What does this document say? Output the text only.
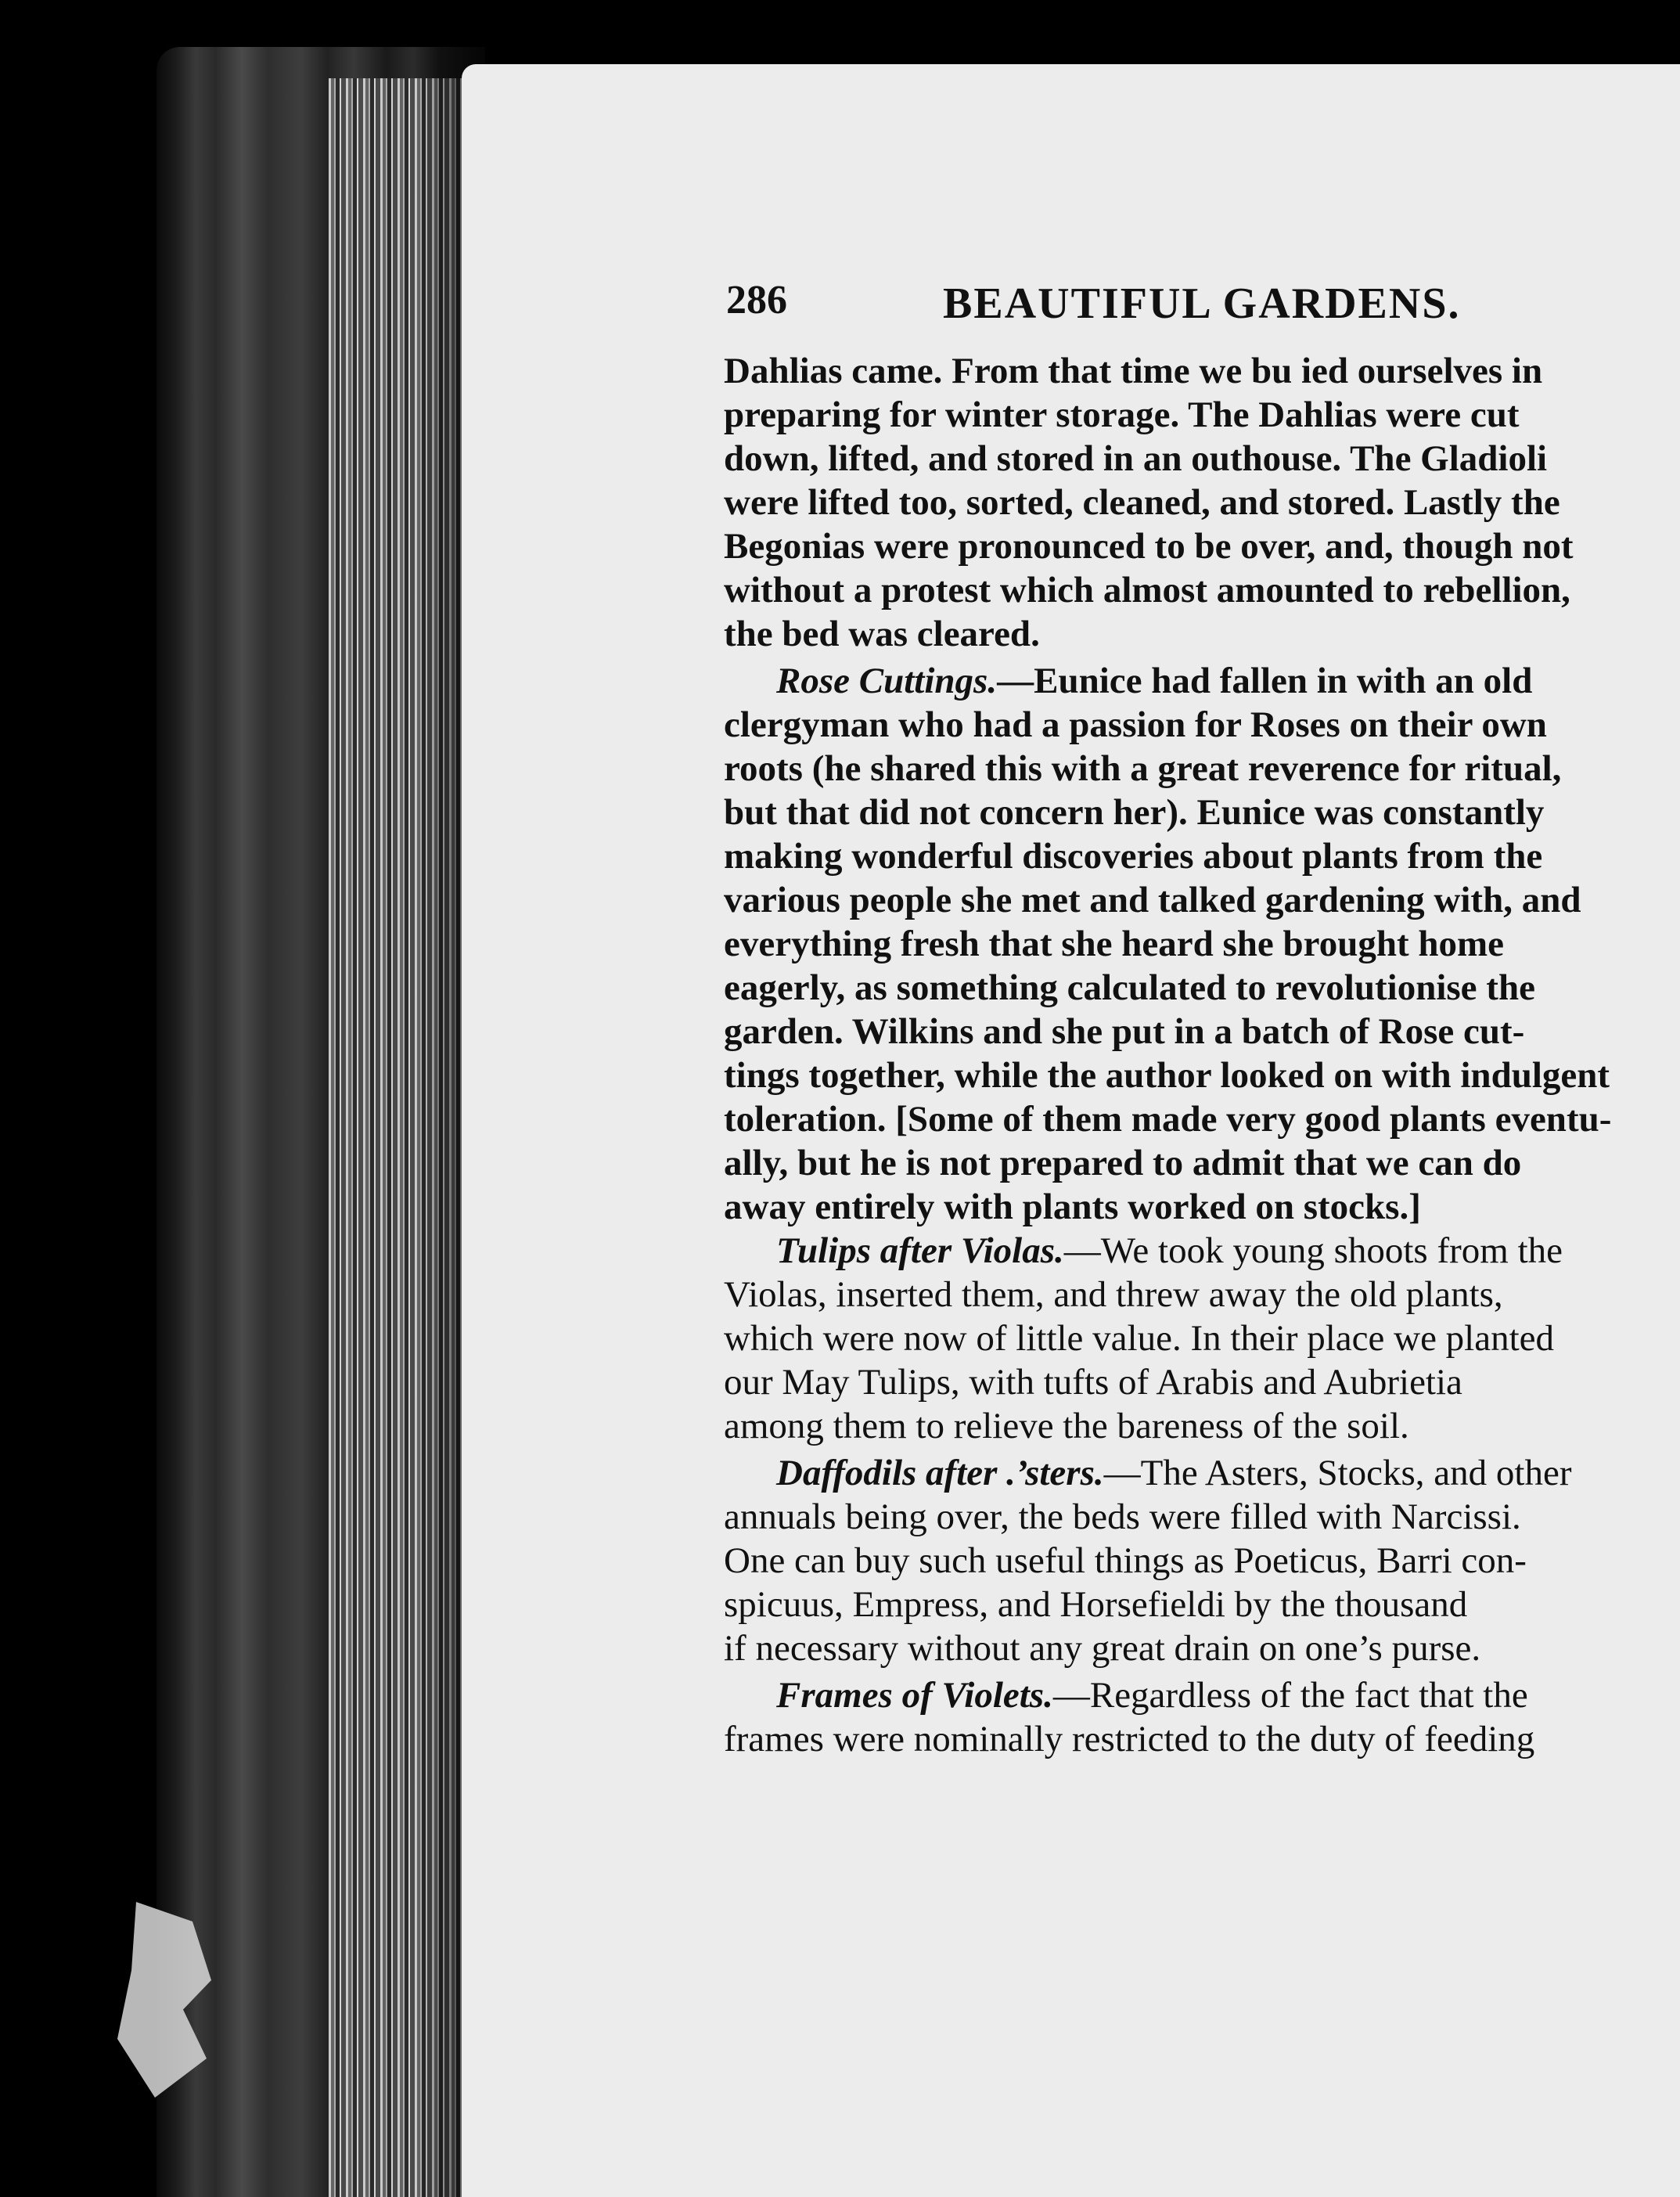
286	BEAUTIFUL GARDENS.
Dahlias came. From that time we bu ied ourselves in
preparing for winter storage. The Dahlias were cut
down, lifted, and stored in an outhouse. The Gladioli
were lifted too, sorted, cleaned, and stored. Lastly the
Begonias were pronounced to be over, and, though not
without a protest which almost amounted to rebellion,
the bed was cleared.
Rose Cuttings.—Eunice had fallen in with an old
clergyman who had a passion for Roses on their own
roots (he shared this with a great reverence for ritual,
but that did not concern her). Eunice was constantly
making wonderful discoveries about plants from the
various people she met and talked gardening with, and
everything fresh that she heard she brought home
eagerly, as something calculated to revolutionise the
garden. Wilkins and she put in a batch of Rose cut-
tings together, while the author looked on with indulgent
toleration. [Some of them made very good plants eventu-
ally, but he is not prepared to admit that we can do
away entirely with plants worked on stocks.]
Tulips after Violas.—We took young shoots from the
Violas, inserted them, and threw away the old plants,
which were now of little value. In their place we planted
our May Tulips, with tufts of Arabis and Aubrietia
among them to relieve the bareness of the soil.
Daffodils after .’sters.—The Asters, Stocks, and other
annuals being over, the beds were filled with Narcissi.
One can buy such useful things as Poeticus, Barri con-
spicuus, Empress, and Horsefieldi by the thousand
if necessary without any great drain on one’s purse.
Frames of Violets.—Regardless of the fact that the
frames were nominally restricted to the duty of feeding
